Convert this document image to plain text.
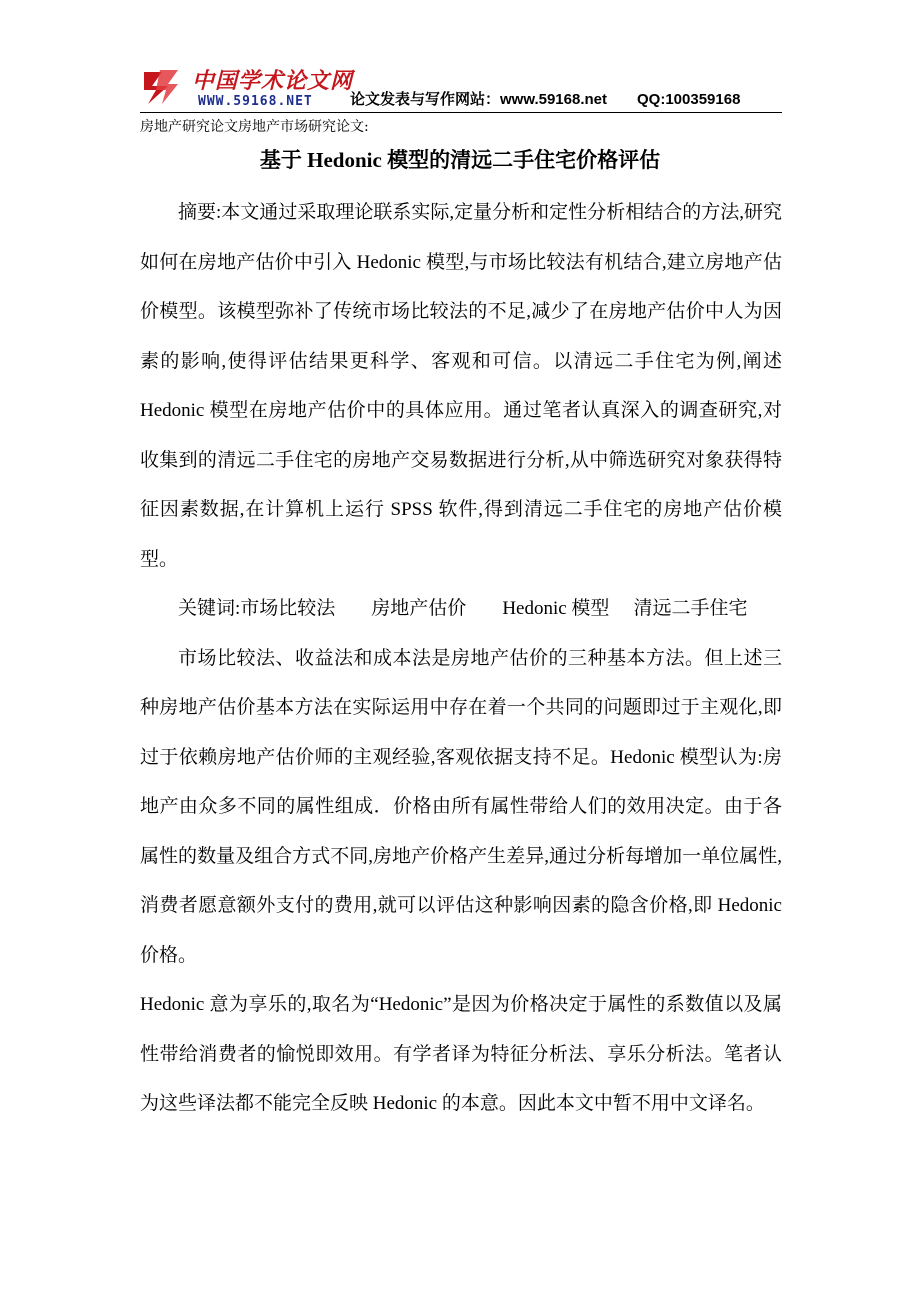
中国学术论文网
WWW.59168.NET 论文发表与写作网站：www.59168.net QQ:100359168
房地产研究论文房地产市场研究论文:
基于 Hedonic 模型的清远二手住宅价格评估

摘要:本文通过采取理论联系实际,定量分析和定性分析相结合的方法,研究如何在房地产估价中引入 Hedonic 模型,与市场比较法有机结合,建立房地产估价模型。该模型弥补了传统市场比较法的不足,减少了在房地产估价中人为因素的影响,使得评估结果更科学、客观和可信。以清远二手住宅为例,阐述 Hedonic 模型在房地产估价中的具体应用。通过笔者认真深入的调查研究,对收集到的清远二手住宅的房地产交易数据进行分析,从中筛选研究对象获得特征因素数据,在计算机上运行 SPSS 软件,得到清远二手住宅的房地产估价模型。

关键词:市场比较法 房地产估价 Hedonic 模型 清远二手住宅

市场比较法、收益法和成本法是房地产估价的三种基本方法。但上述三种房地产估价基本方法在实际运用中存在着一个共同的问题即过于主观化,即过于依赖房地产估价师的主观经验,客观依据支持不足。Hedonic 模型认为:房地产由众多不同的属性组成．价格由所有属性带给人们的效用决定。由于各属性的数量及组合方式不同,房地产价格产生差异,通过分析每增加一单位属性,消费者愿意额外支付的费用,就可以评估这种影响因素的隐含价格,即 Hedonic 价格。

Hedonic 意为享乐的,取名为“Hedonic”是因为价格决定于属性的系数值以及属性带给消费者的愉悦即效用。有学者译为特征分析法、享乐分析法。笔者认为这些译法都不能完全反映 Hedonic 的本意。因此本文中暂不用中文译名。
